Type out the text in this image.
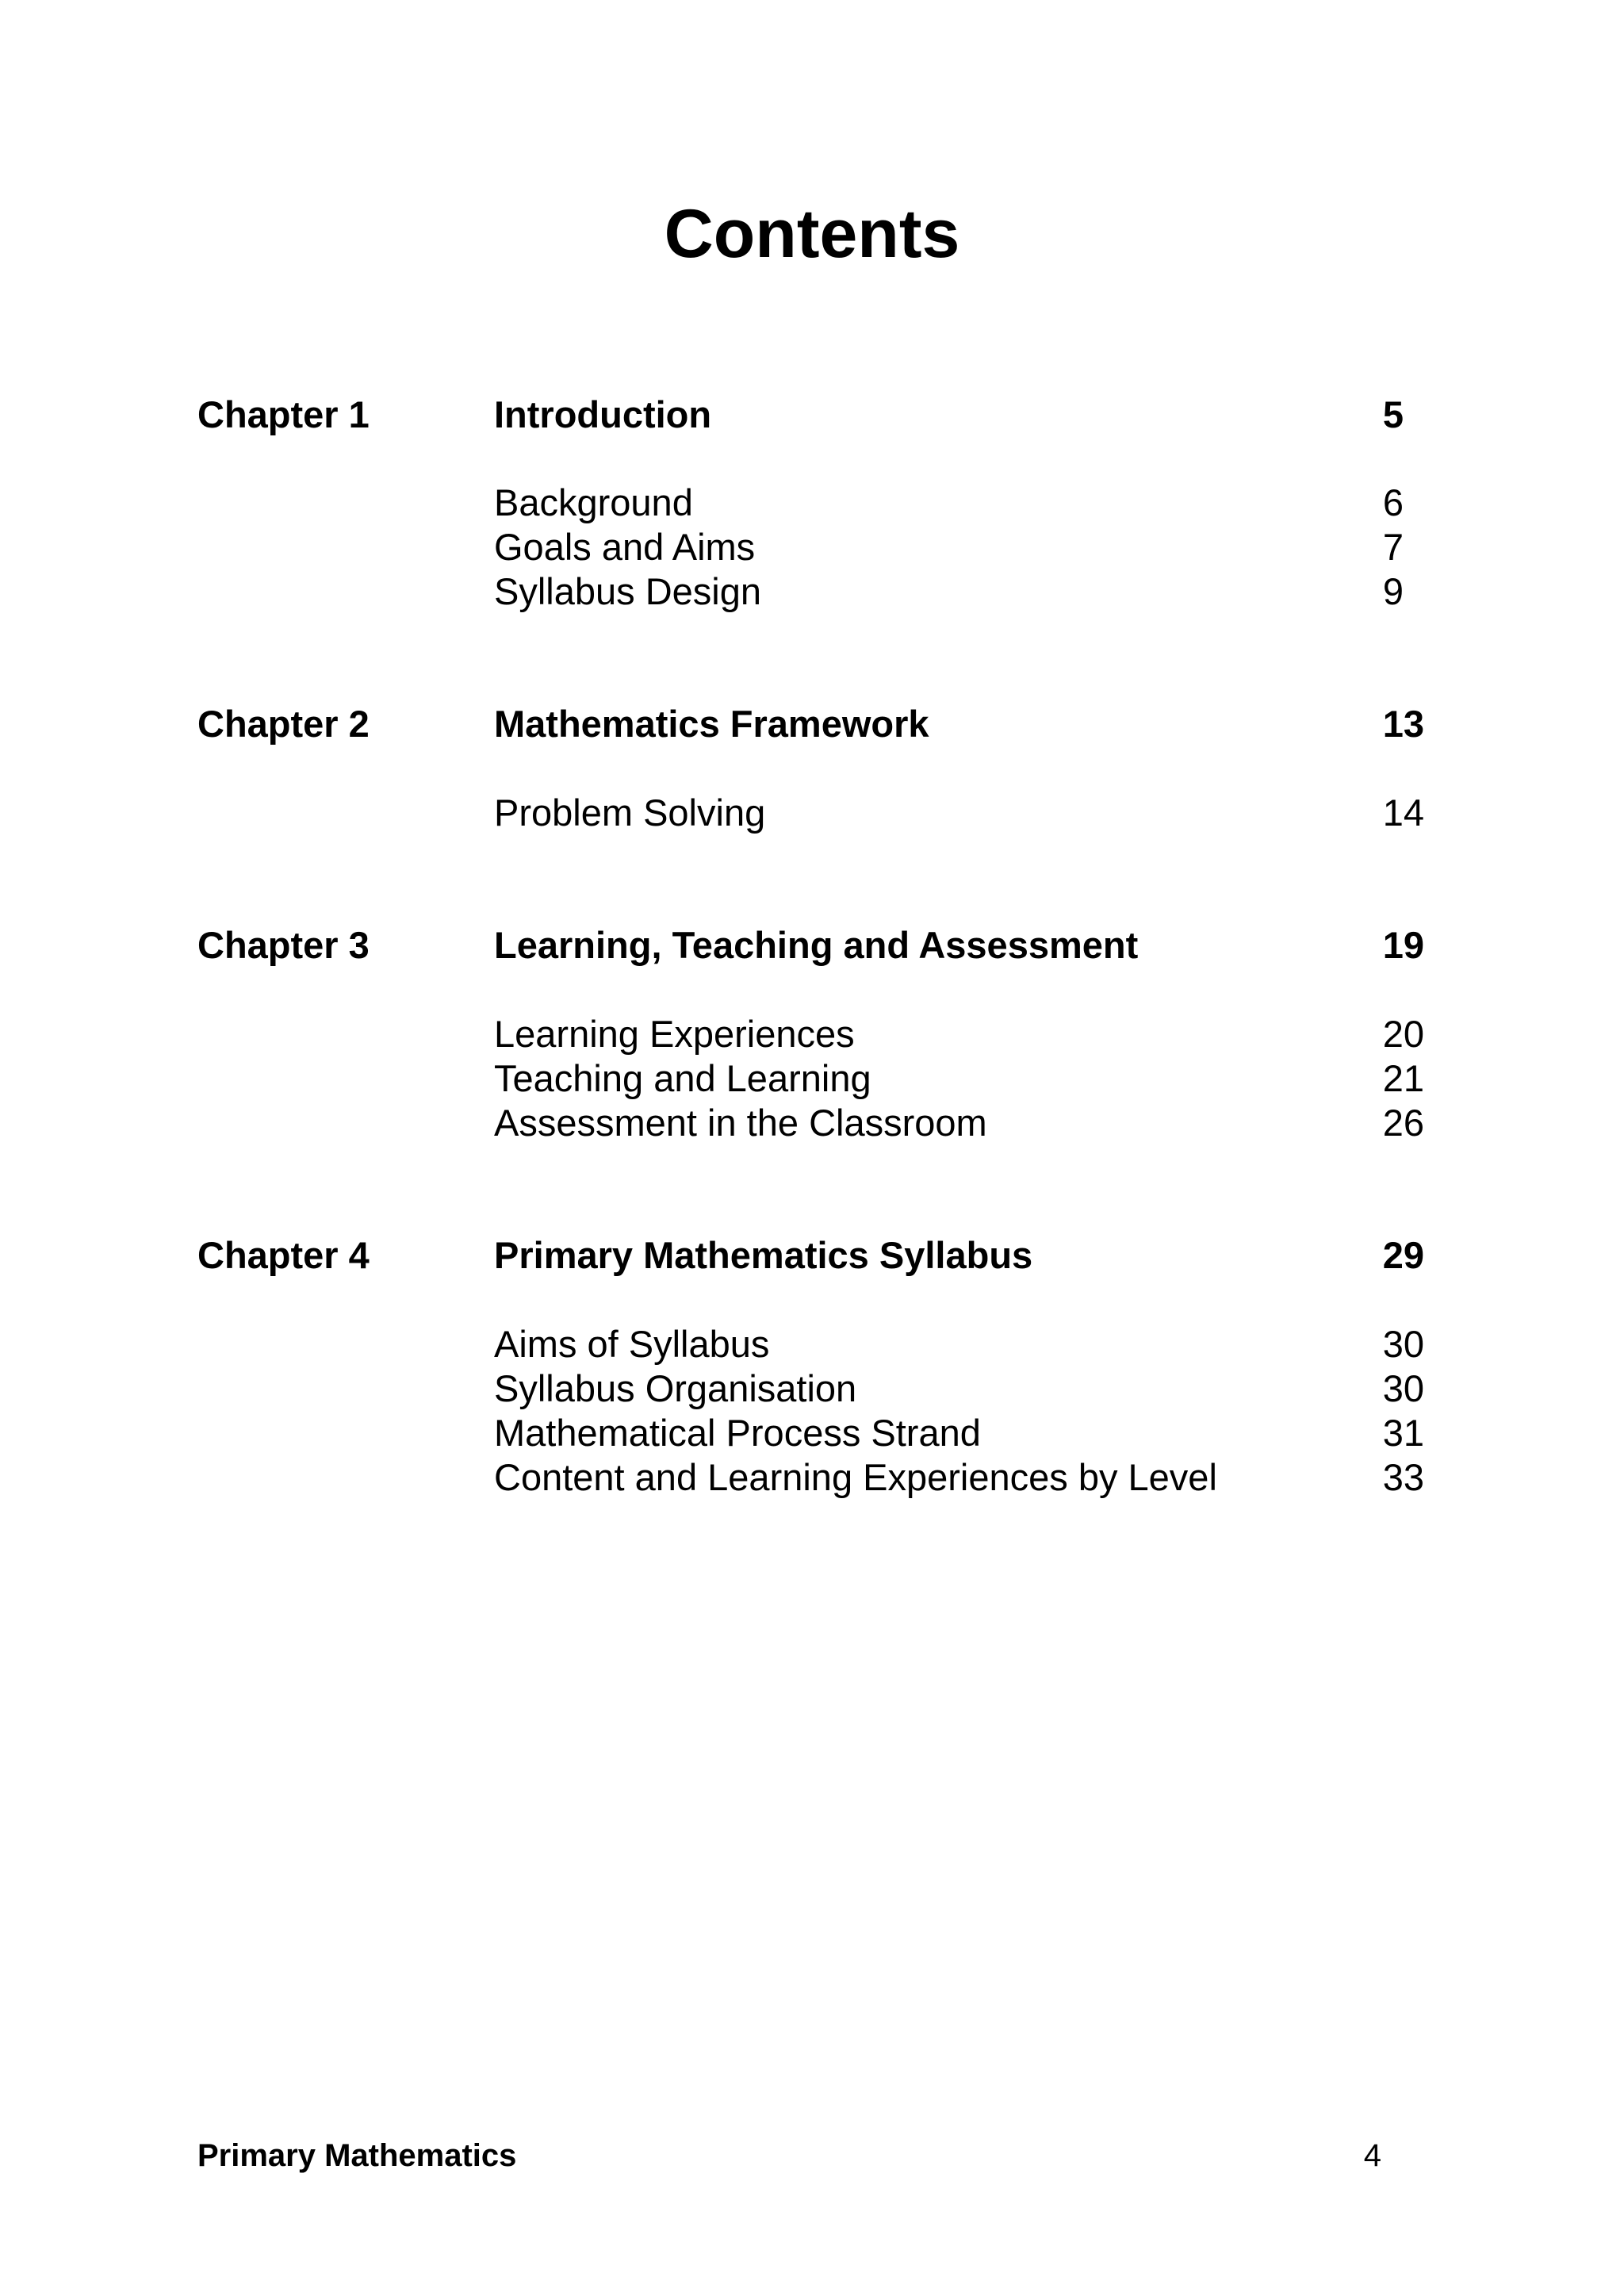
Contents
Chapter 1	Introduction	5
Background	6
Goals and Aims	7
Syllabus Design	9
Chapter 2	Mathematics Framework	13
Problem Solving	14
Chapter 3	Learning, Teaching and Assessment	19
Learning Experiences	20
Teaching and Learning	21
Assessment in the Classroom	26
Chapter 4	Primary Mathematics Syllabus	29
Aims of Syllabus	30
Syllabus Organisation	30
Mathematical Process Strand	31
Content and Learning Experiences by Level	33
Primary Mathematics	4
